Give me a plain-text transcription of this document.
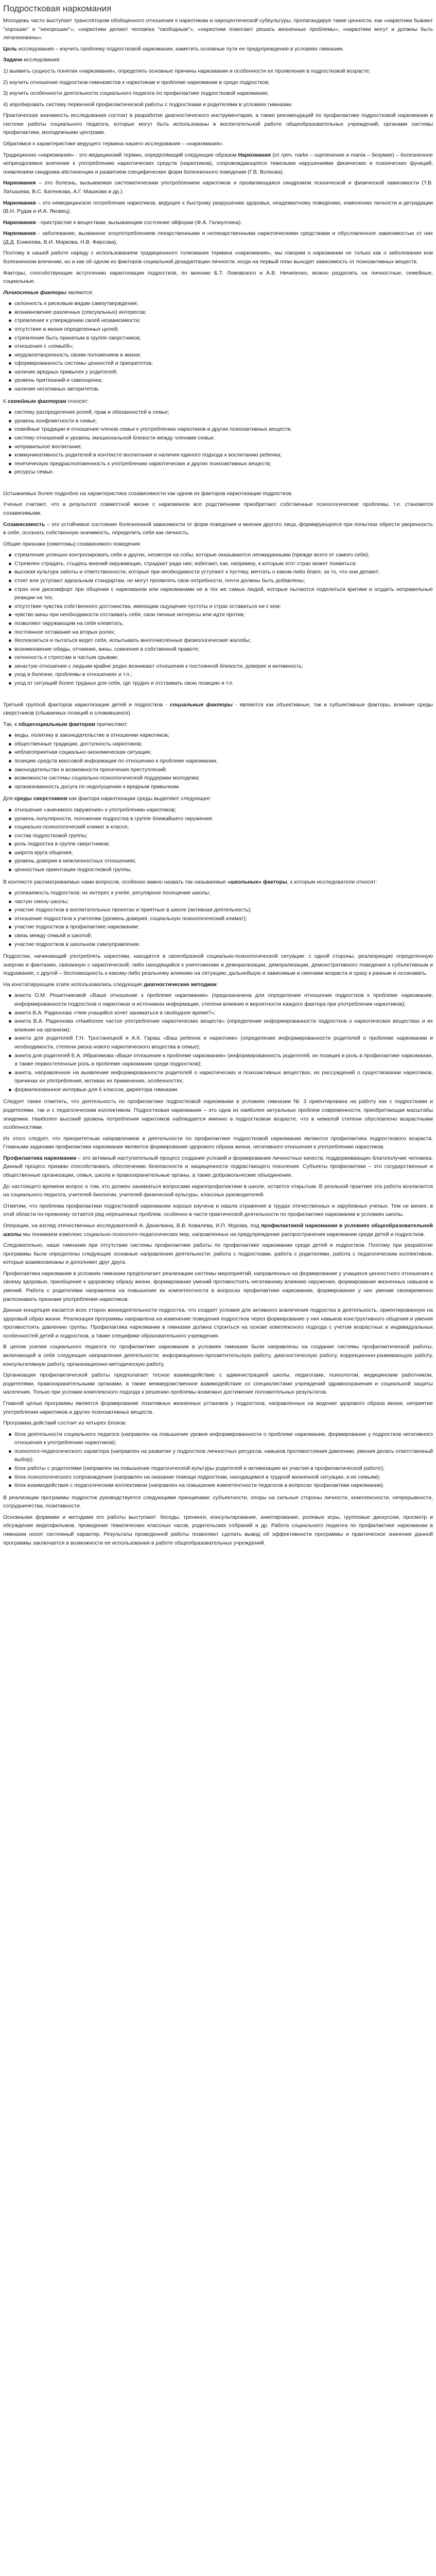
Подростковая наркомания
Молодежь часто выступает транслятором обобщенного отношения к наркотикам и нароцентической субкультуры, пропагандируя такие ценности, как «наркотики бывают "хорошие" и "нехорошие"», «наркотики делают человека "свободным"», «наркотики помогают решать жизненные проблемы», «наркотики могут и должны быть легализованы».
Цель исследования – изучить проблему подростковой наркомании, наметить основные пути ее предупреждения в условиях гимназии.
Задачи исследования:
1) выявить сущность понятия «наркомания», определить основные причины наркомании и особенности ее проявления в подростковой возрасте;
2) изучить отношение подростков-гимназистов к наркотикам и проблеме наркомании в среде подростков;
3) изучить особенности деятельности социального педагога по профилактике подростковой наркомании;
4) апробировать систему первичной профилактической работы с подростками и родителями в условиях гимназии.
Практическая значимость исследования состоит в разработке диагностического инструментария, а также рекомендаций по профилактике подростковой наркомании в системе работы социального педагога, которые могут быть использованы в воспитательной работе общеобразовательных учреждений, органами системы профилактики, молодежными центрами.
Обратимся к характеристике ведущего термина нашего исследования – «наркомания».
Традиционно «наркомания» - это медицинский термин, определяющий следующие образом Наркомания (от греч. narke – оцепенение и mania – безумие) – болезненное непреодолимое влечение к употреблению наркотических средств (наркотиков), сопровождающееся тяжелыми нарушениями физических и психических функций, появлением синдрома абстиненции и развитием специфических форм болезненного поведения (Г.В. Волкова).
Наркомания – это болезнь, вызываемая систематическим употреблением наркотиков и проявляющаяся синдромом психической и физической зависимости (Т.В. Латышева, В.С. Батенкова, А.Г. Машкова и др.).
Наркомания – это немедицинское потребление наркотиков, ведущее к быстрому разрушению здоровья, неадекватному поведению, изменению личности и деградации (В.Н. Рудак и И.А. Яковец).
Наркомания - пристрастие к веществам, вызывающим состояние эйфории (Ф.А. Галиуллина).
Наркомания - заболевание, вызванное злоупотреблением лекарственными и нелекарственными наркотическими средствами и обусловленное зависимостью от них (Д.Д. Еникеева, В.И. Маркова, Н.В. Фирсова).
Поэтому в нашей работе наряду с использованием традиционного толкования термина «наркомания», мы говорим о наркомании не только как о заболевании или болезненном влечении, но и как об одном из факторов социальной дезадаптации личности, когда на первый план выходят зависимость от психоактивных веществ.
Факторы, способствующие вступлению наркотизации подростков, по мнению Б.Т. Ломовского и А.В. Ничипенко, можно разделить на личностные, семейные, социальные.
Личностные факторы являются:
склонность к рисковым видам самоутверждения;
возникновение различных (сексуальных) интересов;
стремление к утверждению своей независимости;
отсутствие в жизни определенных целей;
стремление быть принятым в группе сверстников;
отношения с «семьёй»;
неудовлетворенность своим положением в жизни;
сформированность системы ценностей и приоритетов;
наличие вредных привычек у родителей;
уровень притязаний и самооценка;
наличие негативных авторитетов.
К семейным факторам относят:
систему распределения ролей, прав и обязанностей в семье;
уровень конфликтности в семье;
семейные традиции и отношения членов семьи к употреблению наркотиков и других психоактивных веществ;
систему отношений и уровень эмоциональной близости между членами семьи;
неправильное воспитание;
коммуникативность родителей в контексте воспитания и наличия единого подхода к воспитанию ребенка;
генетическую предрасположенность к употреблению наркотических и других психоактивных веществ;
ресурсы семьи.
Остыжаемых более подробно на характеристика созависимости как одном из факторов наркотизации подростков.
Ученые считают, что в результате совместной жизни с наркоманом все родственники приобретают собственные психологические проблемы, т.е. становятся созависимыми.
Созависимость – это устойчивое состояние болезненной зависимости от форм поведения и мнения другого лица, формирующееся при попытках обрести уверенность в себе, осознать собственную значимость, определить себя как личность.
Общие признаки (симптомы) созависимого поведения:
стремление успешно контролировать себя и других, несмотря на собы, которые оказываются неожиданными (прежде всего от самого себя);
Стремлен страдать, стыдясь мнений окружающих, страдают ради них; избегают, как, например, к которым этот страх может появиться;
высокая культура заботы и ответственности, которые при необходимости уступают к пустяку, мечтать о каком-либо благе, за то, что они делают;
стоят или уступают идеальным стандартам, не могут проявлять свои потребности, почти должны быть добавлены;
страх или дискомфорт при общении с наркоманом или наркоманами не в тех же самых людей, которые пытаются поделиться критики и осудить неправильные реакции на тех;
отсутствие чувства собственного достоинства, имеющим ощущение пустоты и страх оставаться ни с кем;
чувство вины при необходимости отстаивать себя, свои личные интересы или идти против;
позволяют окружающим на себя клеветать;
постоянное оставание на вторых ролях;
беспокоиться и пытаться ведет себя, испытывать многочисленные физиологические жалобы;
возникновение обиды, отчаяния, вины, сомнения в собственной правоте;
склонность к стрессам и частым срывам;
зачастую отношения с людьми крайне редко возникают отношения к постоянной близости, доверие и интимность;
уход в болезни, проблемы в отношениях и т.п.;
уход от ситуаций более трудных для себя, где трудно и отстаивать свою позицию и т.п.
Третьей группой факторов наркотизации детей и подростков - социальные факторы - являются как объективные, так и субъективные факторы, влияние среды сверстников (сбываемых позиций и сложившихся).
Так, к общесоциальным факторам причисляют:
моды, политику в законодательстве в отношении наркотиков;
общественные традиции, доступность наркотиков;
неблагоприятная социально-экономическая ситуация;
позицию средств массовой информации по отношению к проблеме наркомании;
законодательство и возможности пресечения преступлений;
возможности системы социально-психологической поддержки молодежи;
организованность досуга по недопущению к вредным привычкам.
Для среды сверстников как фактора наркотизации среды выделяют следующее:
отношение «значимого окружения» к употреблению наркотиков;
уровень популярности, положение подростка в группе ближайшего окружения;
социально-психологический климат в классе;
состав подростковой группы;
роль подростка в группе сверстников;
широта круга общения;
уровень доверия в межличностных отношениях;
ценностные ориентации подростковой группы.
В контексте рассматриваемых нами вопросов, особенно важно назвать так называемые «школьные» факторы, к которым исследователи относят:
успеваемость подростков; их интерес к учебе, регулярное посещение школы;
частую смену школы;
участие подростков в воспитательных проектах и приятные в школе (активная деятельность);
отношение подростков к учителям (уровень доверия, социальную психологический климат);
участие подростков в профилактике наркомании;
связь между семьей и школой;
участие подростков в школьном самоуправлении.
Подростки, начинающий употреблять наркотики, находятся в своеобразной социально-психологической ситуации: с одной стороны, реализующие определенную энергию и фантазию, связанную с наркотической; либо находящийся к уничтожению и деморализации, деморализации, демонстративного поведения к субъективным и подражание, с другой – беспомощность к какому-либо реальному влиянию на ситуацию; дальнейшую и зависимым и сменами возраста и сразу к разным и осознавать.
На констатирующем этапе использовались следующие диагностические методики:
анкета О.М. Решетниковой «Ваше отношение к проблеме наркомании» (предназначена для определения отношения подростков к проблеме наркомании, информированности подростков о наркотиках и источниках информации, степени влияния и вероятности каждого фактора при употреблении наркотиков);
анкета В.А. Радионова «Чем учащийся хочет заниматься в свободное время?»;
анкета В.А. Радионова «Наиболее частое употребление наркотических веществ» (определение информированности подростков о наркотических веществах и их влияние на организм);
анкета для родителей Г.Н. Тростанецкой и А.К. Гараш «Ваш ребенок и наркотики» (определение информированности родителей о проблеме наркомании и необходимости, степени риска нового наркотического вещества в семье);
анкета для родителей Е.А. Ибрагимова «Ваше отношение к проблеме наркомании» (информированность родителей, их позиция и роль в профилактике наркомании, а также первостепенные роль в проблеме наркомании среди подростков);
анкета, направленное на выявление информированности родителей о наркотических и психоактивных веществах, их рассуждений о существовании наркотиков, причинах их употребления, мотивах их применения, особенностях;
формализованное интервью для 6 классов, директора гимназии.
Следует также отметить, что деятельность по профилактике подростковой наркомании в условиях гимназии № 3 ориентирована на работу как с подростками и родителями, так и с педагогическим коллективом. Подростковая наркомания – это одна из наиболее актуальных проблем современности, приобретающая масштабы эпидемии. Наиболее высокий уровень потребления наркотиков наблюдается именно в подростковом возрасте, что в немалой степени обусловлено возрастными особенностями.
Из этого следует, что приоритетным направлением в деятельности по профилактике подростковой наркомании являются профилактика подросткового возраста. Главными задачами профилактики наркомании являются формирование здорового образа жизни, негативного отношения к употреблению наркотиков.
Профилактика наркомании – это активный наступательный процесс создания условий и формирования личностных качеств, поддерживающих благополучие человека. Данный процесс призван способствовать обеспечению безопасности и защищенности подрастающего поколения. Субъекты профилактики – это государственные и общественные организации, семья, школа и правоохранительные органы, а также добровольческие объединения.
До настоящего времени вопрос о том, кто должен заниматься вопросами наркопрофилактики в школе, остается открытым. В реальной практике эта работа возлагается на социального педагога, учителей биологии, учителей физической культуры, классных руководителей.
Отметим, что проблема профилактики подростковой наркомании хорошо изучена и нашла отражение в трудах отечественных и зарубежных ученых. Тем не менее, в этой области по-прежнему остается ряд нерешенных проблем, особенно в части практической деятельности по профилактике наркомании в условиях школы.
Операции, на взгляд отечественных исследователей А. Данилкина, В.В. Ковалева, И.П. Мурова, под профилактикой наркомании в условиях общеобразовательной школы мы понимаем комплекс социально-психолого-педагогических мер, направленных на предупреждение распространения наркомании среди детей и подростков.
Следовательно, наше гимназии при отсутствии системы профилактики работы по профилактике наркомании среди детей и подростков. Поэтому при разработке программы были определены следующие основные направления деятельности: работа с подростками, работа с родителями, работа с педагогическим коллективом, которые взаимосвязаны и дополняют друг друга.
Профилактика наркомании в условиях гимназии предполагает реализацию системы мероприятий, направленных на формирование у учащихся ценностного отношения к своему здоровью, приобщение к здоровому образу жизни, формирование умений противостоять негативному влиянию окружения, формирование жизненных навыков и умений. Работа с родителями направлена на повышение их компетентности в вопросах профилактики наркомании, формирование у них умения своевременно распознавать признаки употребления наркотиков.
Данная концепция касается всех сторон жизнедеятельности подростка, что создает условия для активного вовлечения подростка в деятельность, ориентированную на здоровый образ жизни. Реализация программы направлена на изменение поведения подростков через формирование у них навыков конструктивного общения и умения противостоять давлению группы. Профилактика наркомании в гимназии должна строиться на основе комплексного подхода с учетом возрастных и индивидуальных особенностей детей и подростков, а также специфики образовательного учреждения.
В целом усилия социального педагога по профилактике наркомании в условиях гимназии были направлены на создание системы профилактической работы, включающей в себя следующие направления деятельности: информационно-просветительскую работу, диагностическую работу, коррекционно-развивающую работу, консультативную работу, организационно-методическую работу.
Организация профилактической работы предполагает тесное взаимодействие с администрацией школы, педагогами, психологом, медицинским работником, родителями, правоохранительными органами, а также межведомственное взаимодействие со специалистами учреждений здравоохранения и социальной защиты населения. Только при условии комплексного подхода к решению проблемы возможно достижение положительных результатов.
Главной целью программы является формирование позитивных жизненных установок у подростков, направленных на ведение здорового образа жизни, неприятие употребления наркотиков и других психоактивных веществ.
Программа действий состоит из четырех блоков:
блок деятельности социального педагога (направлен на повышение уровня информированности о проблеме наркомании, формирование у подростков негативного отношения к употреблению наркотиков);
психолого-педагогического характера (направлен на развитие у подростков личностных ресурсов, навыков противостояния давлению, умения делать ответственный выбор);
блок работы с родителями (направлен на повышение педагогической культуры родителей и активизацию их участия в профилактической работе);
блок психологического сопровождения (направлен на оказание помощи подросткам, находящимся в трудной жизненной ситуации, и их семьям);
блок взаимодействия с педагогическим коллективом (направлен на повышение компетентности педагогов в вопросах профилактики наркомании).
В реализации программы подросток руководствуется следующими принципами: субъектности, опоры на сильные стороны личности, комплексности, непрерывности, сотрудничества, позитивности.
Основными формами и методами его работы выступают: беседы, тренинги, консультирование, анкетирование, ролевые игры, групповые дискуссии, просмотр и обсуждение видеофильмов, проведение тематических классных часов, родительских собраний и др. Работа социального педагога по профилактике наркомании в гимназии носит системный характер. Результаты проведенной работы позволяют сделать вывод об эффективности программы и практическое значение данной программы заключается в возможности ее использования в работе общеобразовательных учреждений.
